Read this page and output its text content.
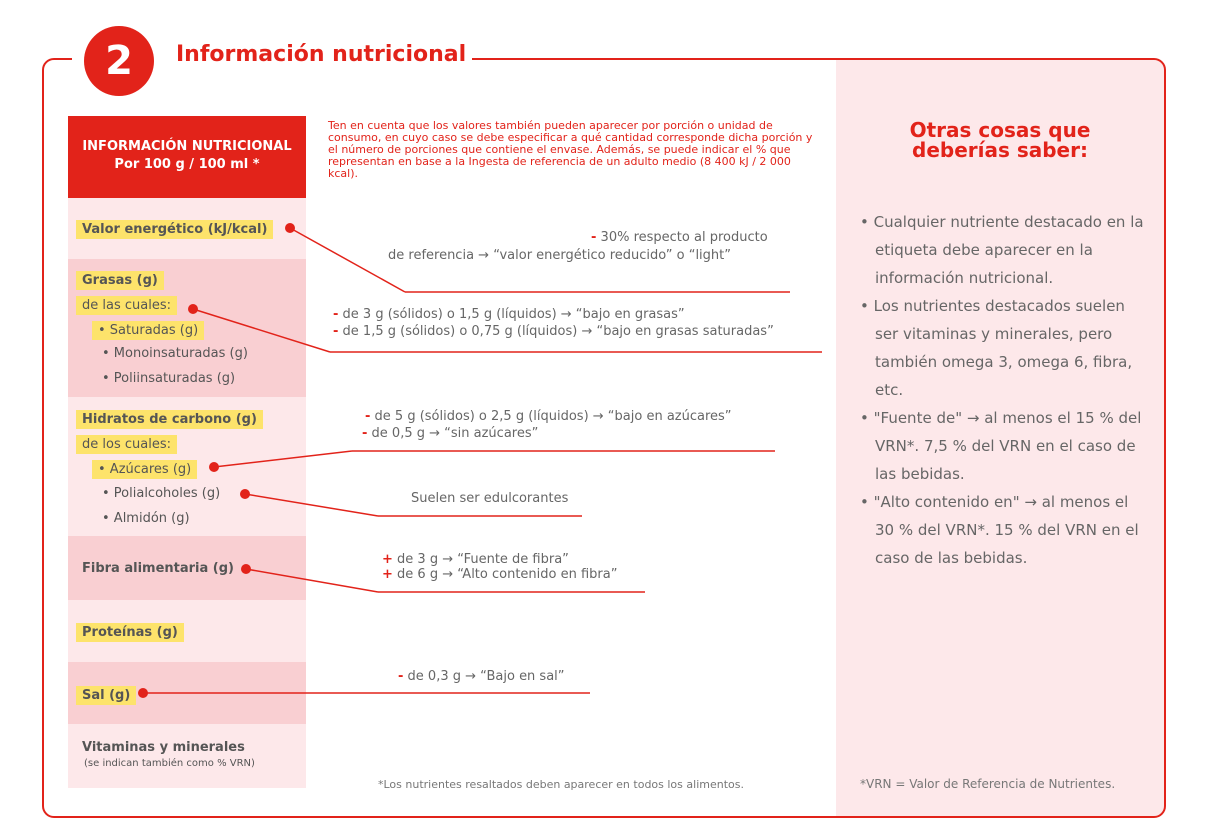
2	Información nutricional
INFORMACIÓN NUTRICIONAL
Por 100 g / 100 ml *
Valor energético (kJ/kcal)
Grasas (g)
de las cuales:
• Saturadas (g)
• Monoinsaturadas (g)
• Poliinsaturadas (g)
Hidratos de carbono (g)
de los cuales:
• Azúcares (g)
• Polialcoholes (g)
• Almidón (g)
Fibra alimentaria (g)
Proteínas (g)
Sal (g)
Vitaminas y minerales
(se indican también como % VRN)
Ten en cuenta que los valores también pueden aparecer por porción o unidad de consumo, en cuyo caso se debe especificar a qué cantidad corresponde dicha porción y el número de porciones que contiene el envase. Además, se puede indicar el % que representan en base a la Ingesta de referencia de un adulto medio (8 400 kJ / 2 000 kcal).
- 30% respecto al producto
de referencia → “valor energético reducido” o “light”
- de 3 g (sólidos) o 1,5 g (líquidos) → “bajo en grasas”
- de 1,5 g (sólidos) o 0,75 g (líquidos) → “bajo en grasas saturadas”
- de 5 g (sólidos) o 2,5 g (líquidos) → “bajo en azúcares”
- de 0,5 g → “sin azúcares”
Suelen ser edulcorantes
+ de 3 g → “Fuente de fibra”
+ de 6 g → “Alto contenido en fibra”
- de 0,3 g → “Bajo en sal”
*Los nutrientes resaltados deben aparecer en todos los alimentos.
Otras cosas que
deberías saber:
• Cualquier nutriente destacado en la etiqueta debe aparecer en la información nutricional.
• Los nutrientes destacados suelen ser vitaminas y minerales, pero también omega 3, omega 6, fibra, etc.
• "Fuente de" → al menos el 15 % del VRN*. 7,5 % del VRN en el caso de las bebidas.
• "Alto contenido en" → al menos el 30 % del VRN*. 15 % del VRN en el caso de las bebidas.
*VRN = Valor de Referencia de Nutrientes.
